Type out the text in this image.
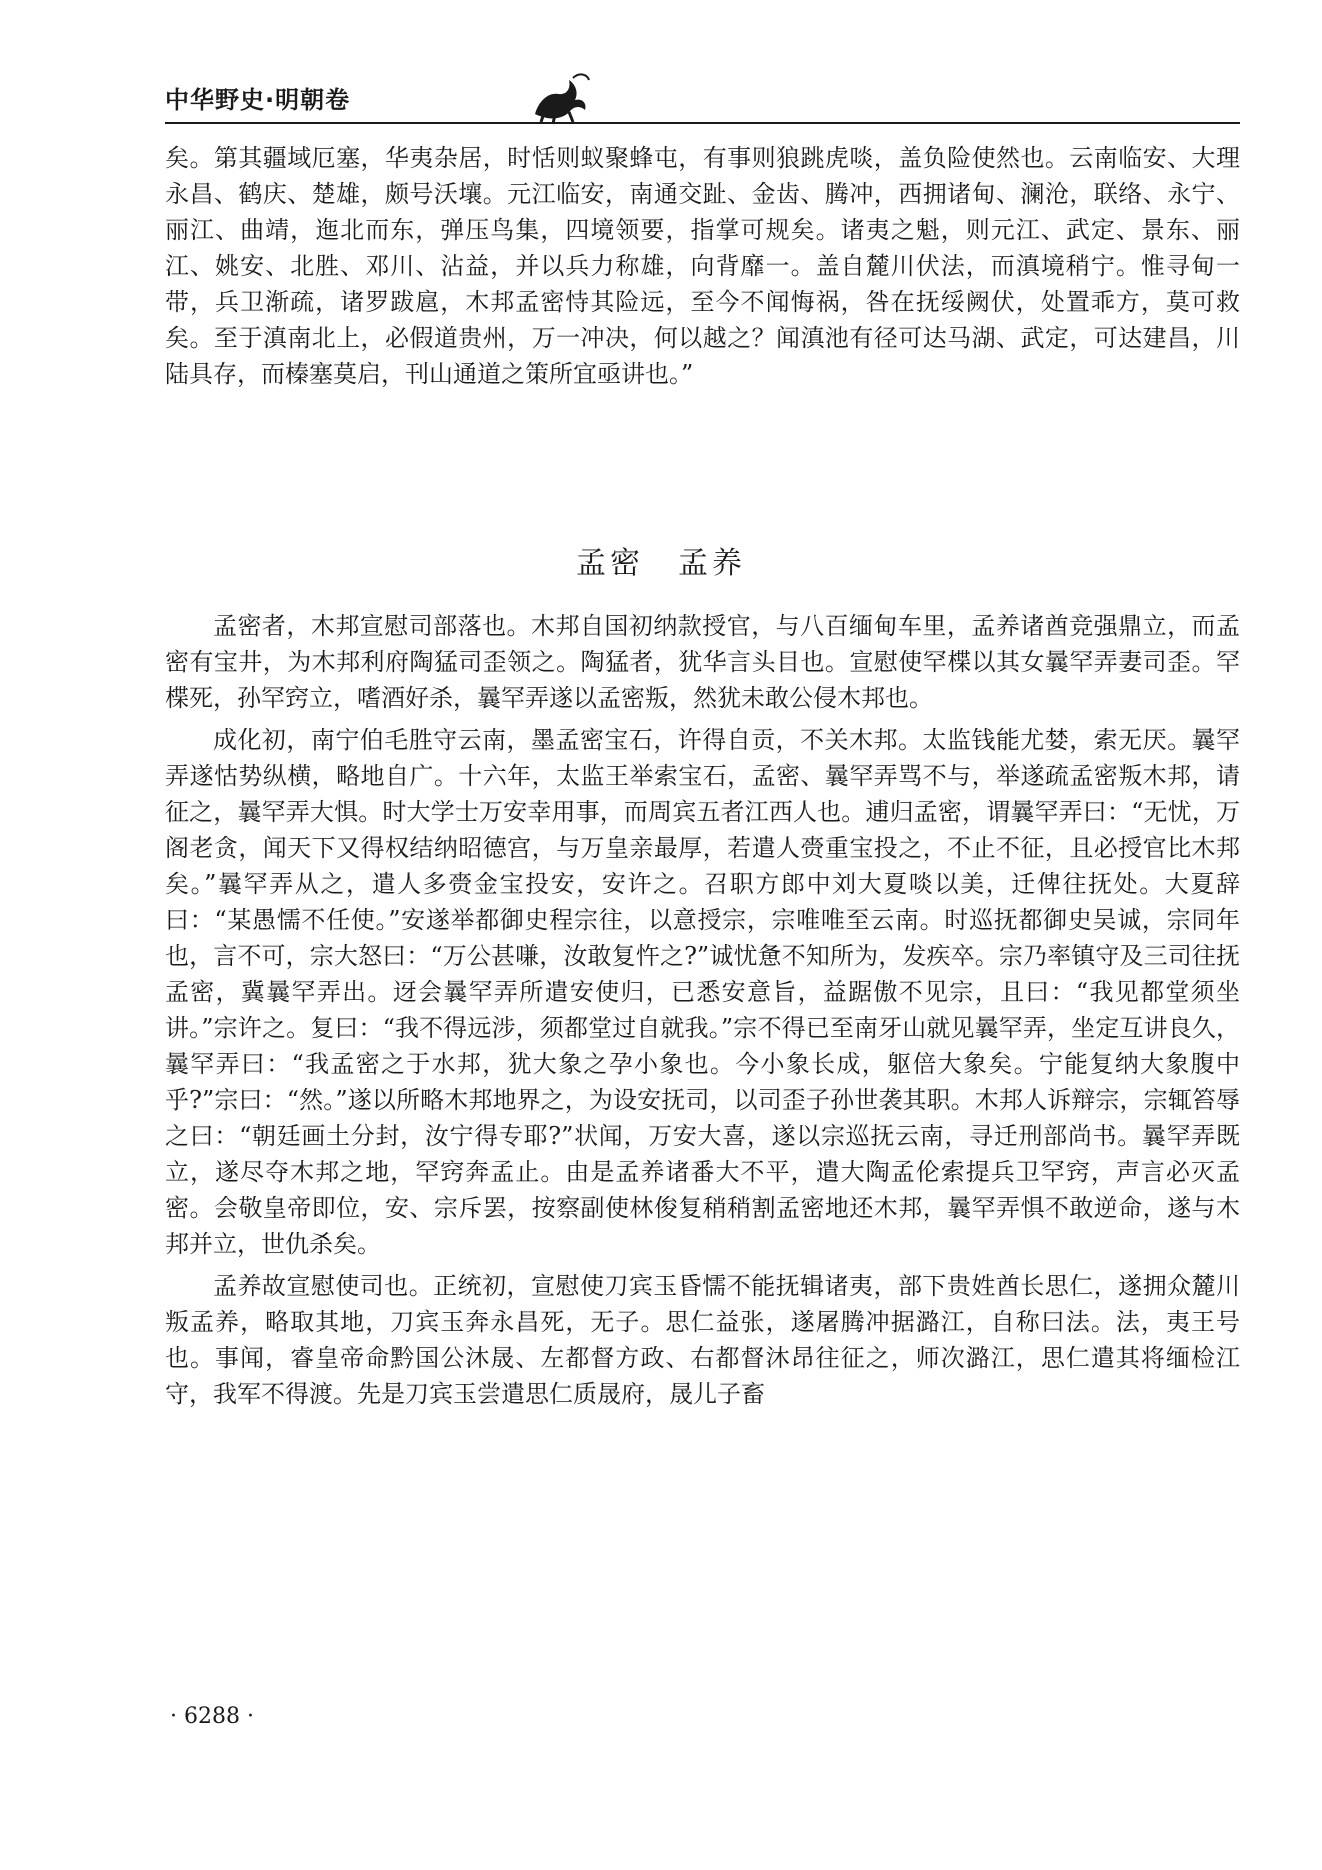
中华野史·明朝卷

矣。第其疆域厄塞，华夷杂居，时恬则蚁聚蜂屯，有事则狼跳虎啖，盖负险使然也。云南临安、大理永昌、鹤庆、楚雄，颇号沃壤。元江临安，南通交趾、金齿、腾冲，西拥诸甸、澜沧，联络、永宁、丽江、曲靖，迤北而东，弹压鸟集，四境领要，指掌可规矣。诸夷之魁，则元江、武定、景东、丽江、姚安、北胜、邓川、沾益，并以兵力称雄，向背靡一。盖自麓川伏法，而滇境稍宁。惟寻甸一带，兵卫渐疏，诸罗跋扈，木邦孟密恃其险远，至今不闻悔祸，咎在抚绥阙伏，处置乖方，莫可救矣。至于滇南北上，必假道贵州，万一冲决，何以越之？闻滇池有径可达马湖、武定，可达建昌，川陆具存，而榛塞莫启，刊山通道之策所宜亟讲也。”

孟密　孟养

孟密者，木邦宣慰司部落也。木邦自国初纳款授官，与八百缅甸车里，孟养诸酋竞强鼎立，而孟密有宝井，为木邦利府陶猛司歪领之。陶猛者，犹华言头目也。宣慰使罕楪以其女曩罕弄妻司歪。罕楪死，孙罕窍立，嗜酒好杀，曩罕弄遂以孟密叛，然犹未敢公侵木邦也。

成化初，南宁伯毛胜守云南，墨孟密宝石，许得自贡，不关木邦。太监钱能尤婪，索无厌。曩罕弄遂怙势纵横，略地自广。十六年，太监王举索宝石，孟密、曩罕弄骂不与，举遂疏孟密叛木邦，请征之，曩罕弄大惧。时大学士万安幸用事，而周宾五者江西人也。逋归孟密，谓曩罕弄曰：“无忧，万阁老贪，闻天下又得权结纳昭德宫，与万皇亲最厚，若遣人赍重宝投之，不止不征，且必授官比木邦矣。”曩罕弄从之，遣人多赍金宝投安，安许之。召职方郎中刘大夏啖以美，迁俾往抚处。大夏辞曰：“某愚懦不任使。”安遂举都御史程宗往，以意授宗，宗唯唯至云南。时巡抚都御史吴诚，宗同年也，言不可，宗大怒曰：“万公甚嗛，汝敢复忤之?”诚忧惫不知所为，发疾卒。宗乃率镇守及三司往抚孟密，冀曩罕弄出。迓会曩罕弄所遣安使归，已悉安意旨，益踞傲不见宗，且曰：“我见都堂须坐讲。”宗许之。复曰：“我不得远涉，须都堂过自就我。”宗不得已至南牙山就见曩罕弄，坐定互讲良久，曩罕弄曰：“我孟密之于水邦，犹大象之孕小象也。今小象长成，躯倍大象矣。宁能复纳大象腹中乎?”宗曰：“然。”遂以所略木邦地界之，为设安抚司，以司歪子孙世袭其职。木邦人诉辩宗，宗辄笞辱之曰：“朝廷画土分封，汝宁得专耶?”状闻，万安大喜，遂以宗巡抚云南，寻迁刑部尚书。曩罕弄既立，遂尽夺木邦之地，罕窍奔孟止。由是孟养诸番大不平，遣大陶孟伦索提兵卫罕窍，声言必灭孟密。会敬皇帝即位，安、宗斥罢，按察副使林俊复稍稍割孟密地还木邦，曩罕弄惧不敢逆命，遂与木邦并立，世仇杀矣。

孟养故宣慰使司也。正统初，宣慰使刀宾玉昏懦不能抚辑诸夷，部下贵姓酋长思仁，遂拥众麓川叛孟养，略取其地，刀宾玉奔永昌死，无子。思仁益张，遂屠腾冲据潞江，自称曰法。法，夷王号也。事闻，睿皇帝命黔国公沐晟、左都督方政、右都督沐昂往征之，师次潞江，思仁遣其将缅检江守，我军不得渡。先是刀宾玉尝遣思仁质晟府，晟儿子畜

· 6288 ·
